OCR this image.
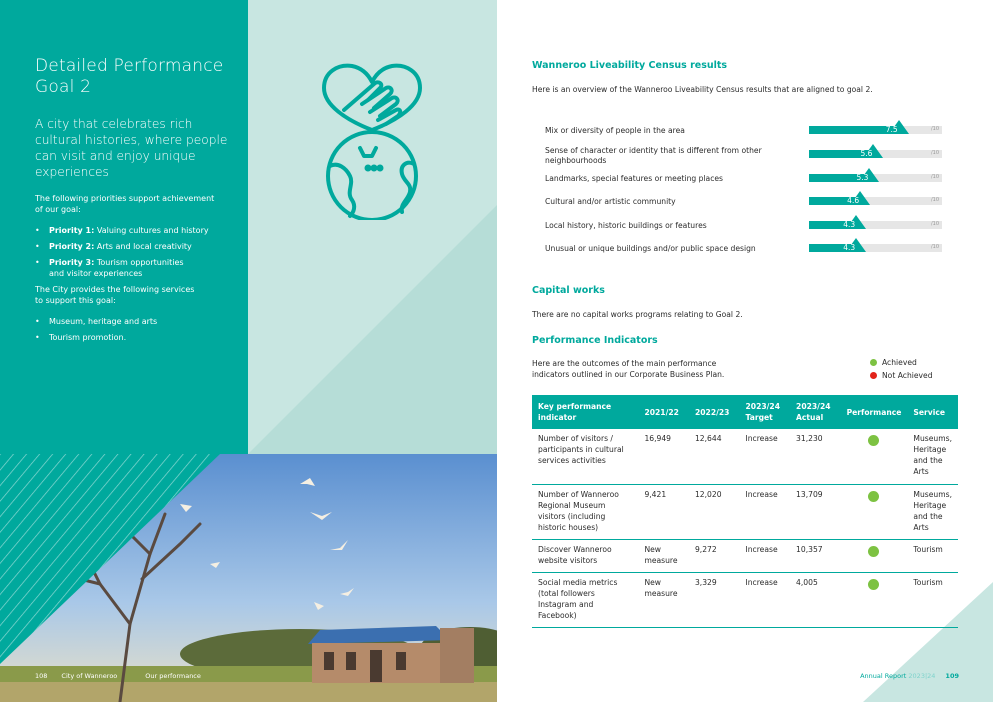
Detailed Performance
Goal 2
A city that celebrates rich cultural histories, where people can visit and enjoy unique experiences
The following priorities support achievement
of our goal:
• Priority 1: Valuing cultures and history
• Priority 2: Arts and local creativity
• Priority 3: Tourism opportunities and visitor experiences
The City provides the following services
to support this goal:
• Museum, heritage and arts
• Tourism promotion.
108 City of Wanneroo	Our performance
Wanneroo Liveability Census results
Here is an overview of the Wanneroo Liveability Census results that are aligned to goal 2.
Mix or diversity of people in the area	7.5	/10
Sense of character or identity that is different from other neighbourhoods
5.6	/10
Landmarks, special features or meeting places	5.3	/10
Cultural and/or artistic community	4.6	/10
Local history, historic buildings or features	4.3	/10
Unusual or unique buildings and/or public space design	4.3	/10
Capital works
There are no capital works programs relating to Goal 2.
Performance Indicators
Here are the outcomes of the main performance
indicators outlined in our Corporate Business Plan.
Achieved
Not Achieved
Key performance indicator	2021/22	2022/23	2023/24 Target	2023/24 Actual	Performance	Service
Number of visitors / participants in cultural services activities	16,949	12,644	Increase	31,230		Museums, Heritage and the Arts
Number of Wanneroo Regional Museum visitors (including historic houses)	9,421	12,020	Increase	13,709		Museums, Heritage and the Arts
Discover Wanneroo website visitors	New measure	9,272	Increase	10,357		Tourism
Social media metrics (total followers Instagram and Facebook)	New measure	3,329	Increase	4,005		Tourism
Annual Report 2023|24 109
